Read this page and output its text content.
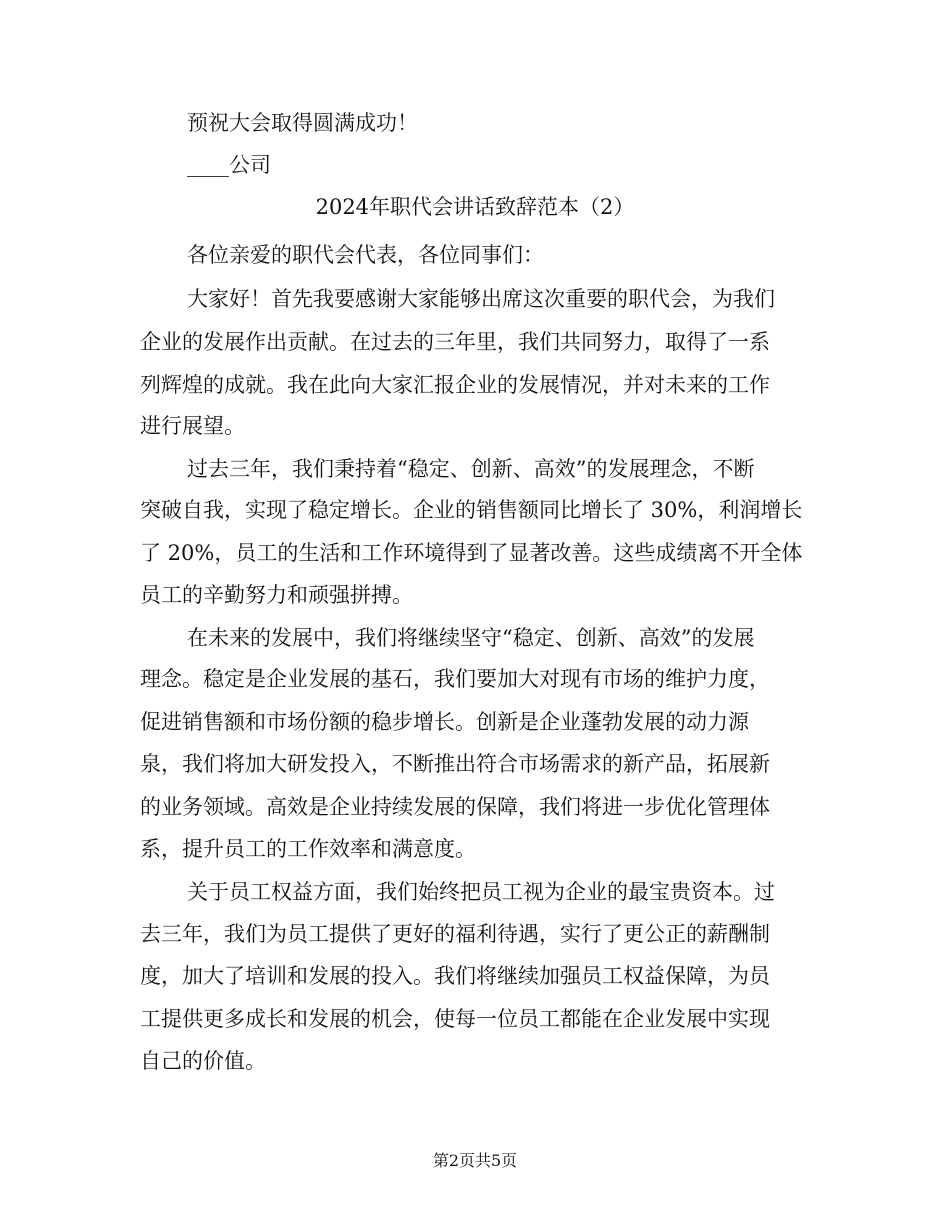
预祝大会取得圆满成功！
____公司
2024年职代会讲话致辞范本（2）
各位亲爱的职代会代表，各位同事们：
大家好！首先我要感谢大家能够出席这次重要的职代会，为我们
企业的发展作出贡献。在过去的三年里，我们共同努力，取得了一系
列辉煌的成就。我在此向大家汇报企业的发展情况，并对未来的工作
进行展望。
过去三年，我们秉持着“稳定、创新、高效”的发展理念，不断
突破自我，实现了稳定增长。企业的销售额同比增长了 30%，利润增长
了 20%，员工的生活和工作环境得到了显著改善。这些成绩离不开全体
员工的辛勤努力和顽强拼搏。
在未来的发展中，我们将继续坚守“稳定、创新、高效”的发展
理念。稳定是企业发展的基石，我们要加大对现有市场的维护力度，
促进销售额和市场份额的稳步增长。创新是企业蓬勃发展的动力源
泉，我们将加大研发投入，不断推出符合市场需求的新产品，拓展新
的业务领域。高效是企业持续发展的保障，我们将进一步优化管理体
系，提升员工的工作效率和满意度。
关于员工权益方面，我们始终把员工视为企业的最宝贵资本。过
去三年，我们为员工提供了更好的福利待遇，实行了更公正的薪酬制
度，加大了培训和发展的投入。我们将继续加强员工权益保障，为员
工提供更多成长和发展的机会，使每一位员工都能在企业发展中实现
自己的价值。
第2页共5页
